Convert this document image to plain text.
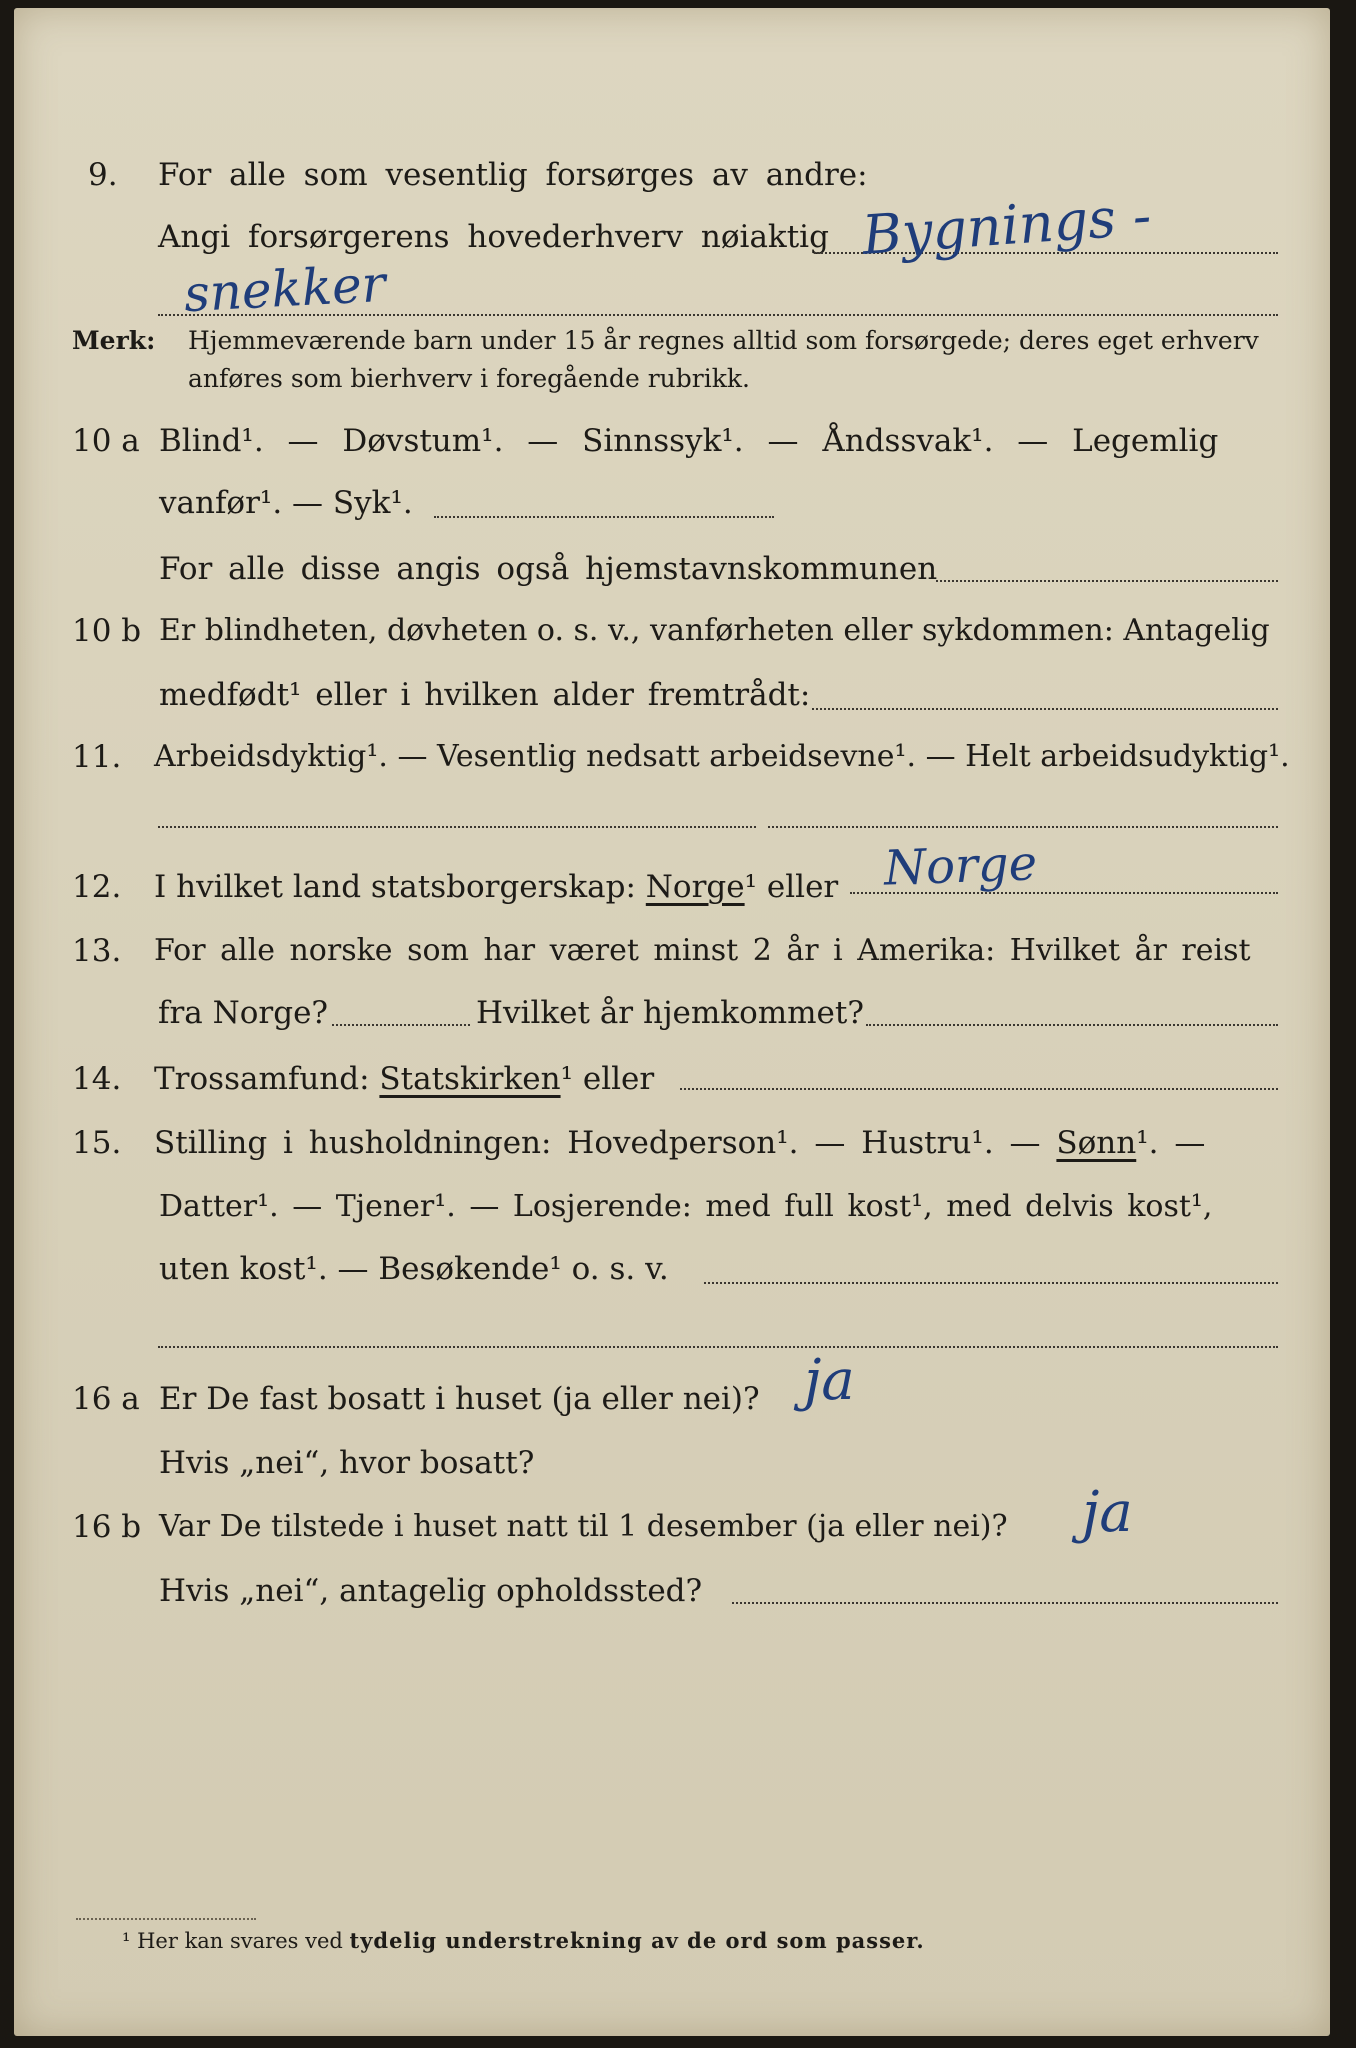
9. For alle som vesentlig forsørges av andre:
Angi forsørgerens hovederhverv nøiaktig Bygnings -
snekker
Merk: Hjemmeværende barn under 15 år regnes alltid som forsørgede; deres eget erhverv
anføres som bierhverv i foregående rubrikk.
10 a Blind¹. — Døvstum¹. — Sinnssyk¹. — Åndssvak¹. — Legemlig
vanfør¹. — Syk¹.
For alle disse angis også hjemstavnskommunen
10 b Er blindheten, døvheten o. s. v., vanførheten eller sykdommen: Antagelig
medfødt¹ eller i hvilken alder fremtrådt:
11. Arbeidsdyktig¹. — Vesentlig nedsatt arbeidsevne¹. — Helt arbeidsudyktig¹.
12. I hvilket land statsborgerskap: Norge¹ eller Norge
13. For alle norske som har været minst 2 år i Amerika: Hvilket år reist
fra Norge?	Hvilket år hjemkommet?
14. Trossamfund: Statskirken¹ eller
15. Stilling i husholdningen: Hovedperson¹. — Hustru¹. — Sønn¹. —
Datter¹. — Tjener¹. — Losjerende: med full kost¹, med delvis kost¹,
uten kost¹. — Besøkende¹ o. s. v.
16 a Er De fast bosatt i huset (ja eller nei)? ja
Hvis „nei“, hvor bosatt?
16 b Var De tilstede i huset natt til 1 desember (ja eller nei)? ja
Hvis „nei“, antagelig opholdssted?
¹ Her kan svares ved tydelig understrekning av de ord som passer.
